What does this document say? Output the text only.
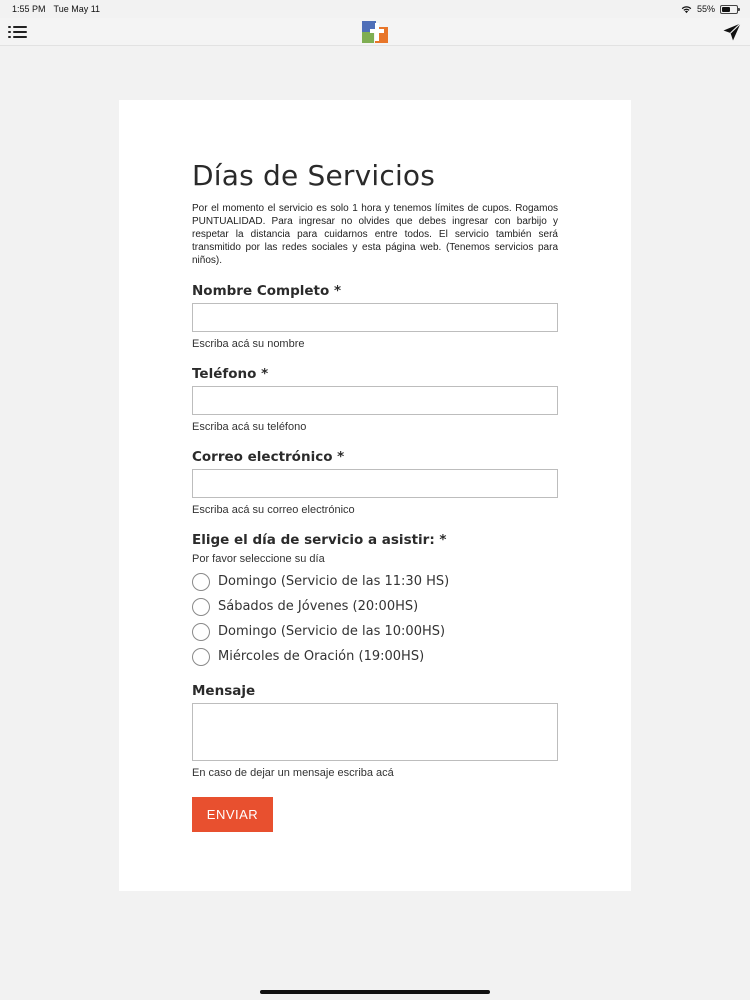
1:55 PM Tue May 11	55%
Días de Servicios

Por el momento el servicio es solo 1 hora y tenemos límites de cupos. Rogamos PUNTUALIDAD. Para ingresar no olvides que debes ingresar con barbijo y respetar la distancia para cuidarnos entre todos. El servicio también será transmitido por las redes sociales y esta página web. (Tenemos servicios para niños).

Nombre Completo *
Escriba acá su nombre
Teléfono *
Escriba acá su teléfono
Correo electrónico *
Escriba acá su correo electrónico
Elige el día de servicio a asistir: *
Por favor seleccione su día
Domingo (Servicio de las 11:30 HS)
Sábados de Jóvenes (20:00HS)
Domingo (Servicio de las 10:00HS)
Miércoles de Oración (19:00HS)
Mensaje
En caso de dejar un mensaje escriba acá
ENVIAR
